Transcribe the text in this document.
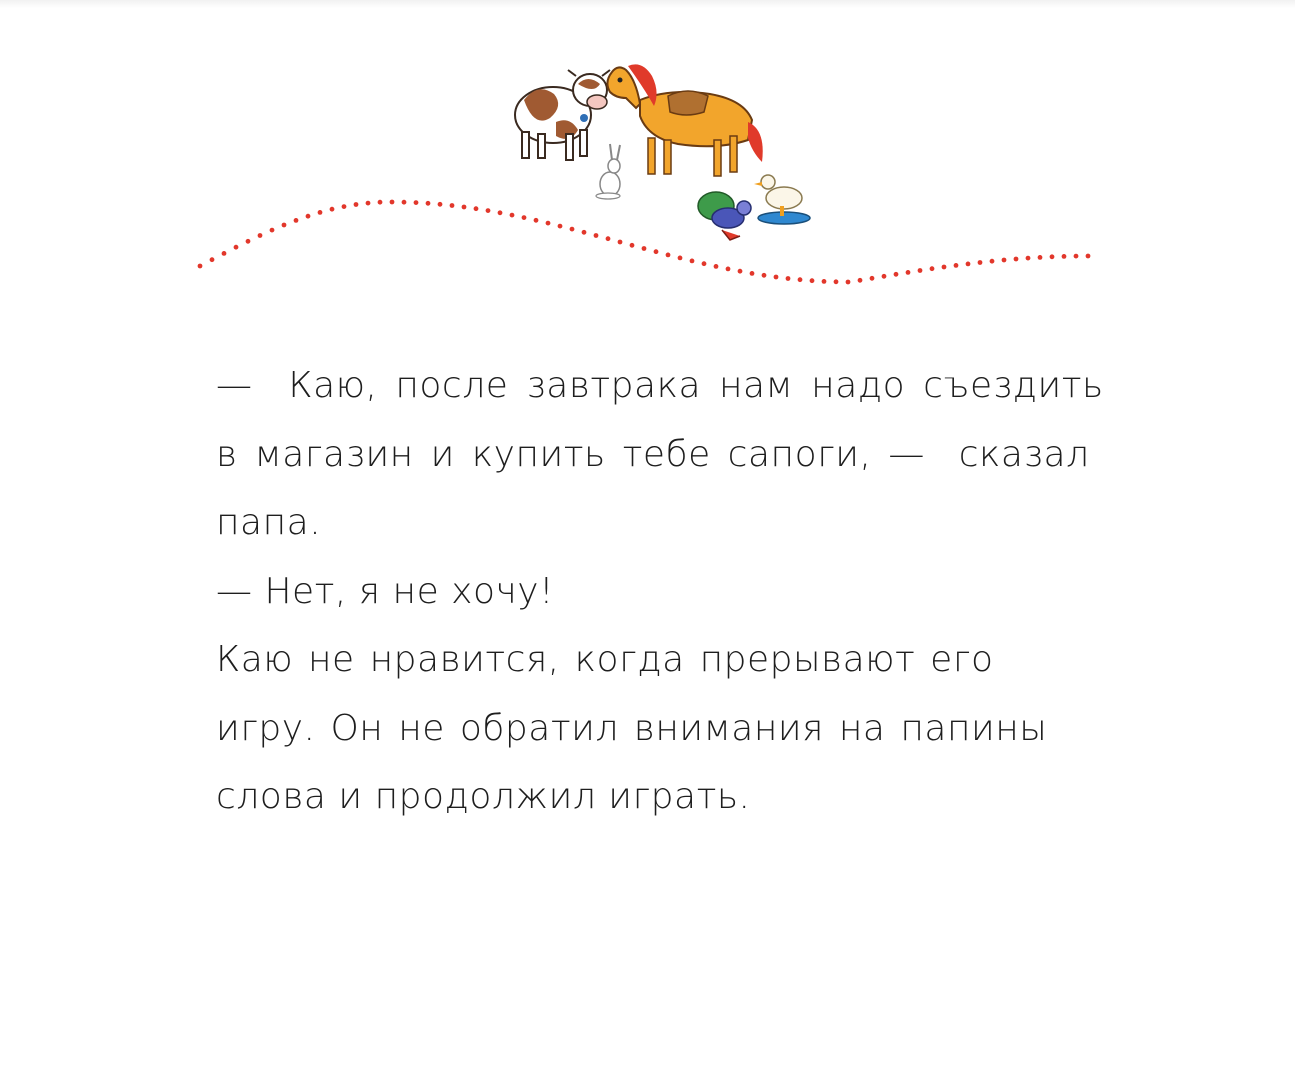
—  Каю, после завтрака нам надо съездить
в магазин и купить тебе сапоги, —  сказал
папа.
— Нет, я не хочу!
Каю не нравится, когда прерывают его
игру. Он не обратил внимания на папины
слова и продолжил играть.
